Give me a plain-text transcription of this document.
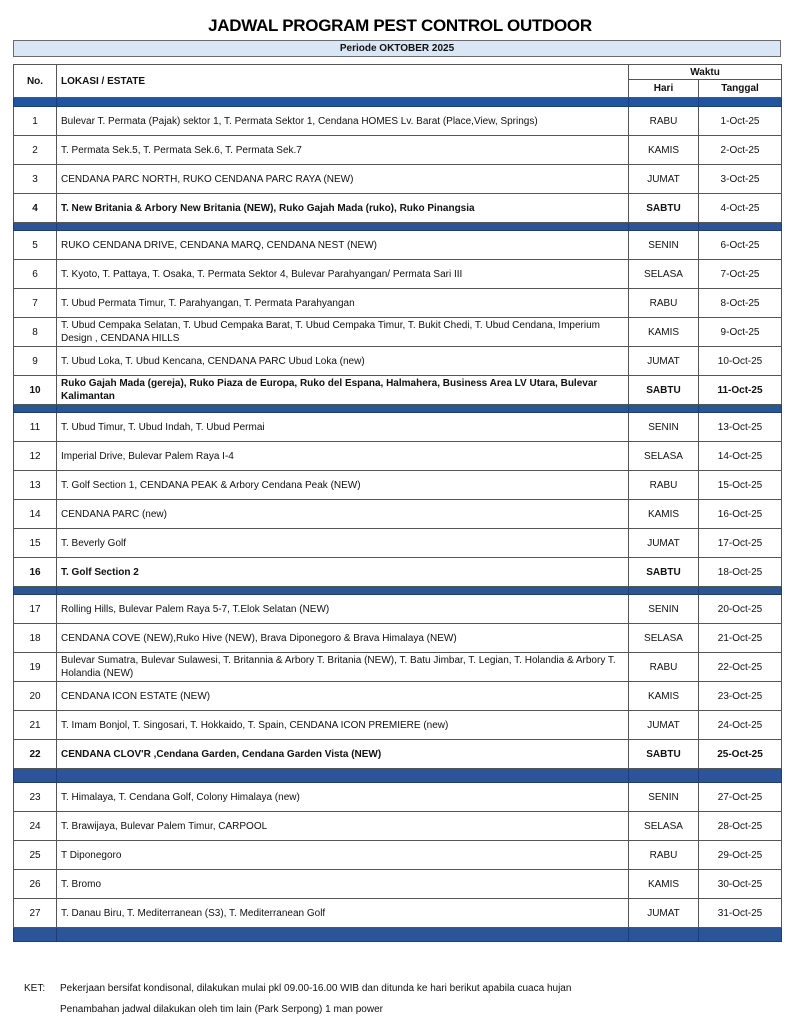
JADWAL PROGRAM PEST CONTROL OUTDOOR
Periode OKTOBER 2025
No.	LOKASI / ESTATE	Waktu	
		Hari	Tanggal

1	Bulevar T. Permata (Pajak) sektor 1, T. Permata Sektor 1, Cendana HOMES Lv. Barat (Place,View, Springs)	RABU	1-Oct-25
2	T. Permata Sek.5, T. Permata Sek.6, T. Permata Sek.7	KAMIS	2-Oct-25
3	CENDANA PARC NORTH, RUKO CENDANA PARC RAYA (NEW)	JUMAT	3-Oct-25
4	T. New Britania & Arbory New Britania (NEW), Ruko Gajah Mada (ruko), Ruko Pinangsia	SABTU	4-Oct-25

5	RUKO CENDANA DRIVE, CENDANA MARQ, CENDANA NEST (NEW)	SENIN	6-Oct-25
6	T. Kyoto, T. Pattaya, T. Osaka, T. Permata Sektor 4, Bulevar Parahyangan/ Permata Sari III	SELASA	7-Oct-25
7	T. Ubud Permata Timur, T. Parahyangan, T. Permata Parahyangan	RABU	8-Oct-25
8	T. Ubud Cempaka Selatan, T. Ubud Cempaka Barat, T. Ubud Cempaka Timur, T. Bukit Chedi, T. Ubud Cendana, Imperium Design , CENDANA HILLS	KAMIS	9-Oct-25
9	T. Ubud Loka, T. Ubud Kencana, CENDANA PARC Ubud Loka (new)	JUMAT	10-Oct-25
10	Ruko Gajah Mada (gereja), Ruko Piaza de Europa, Ruko del Espana, Halmahera, Business Area LV Utara, Bulevar Kalimantan	SABTU	11-Oct-25

11	T. Ubud Timur, T. Ubud Indah, T. Ubud Permai	SENIN	13-Oct-25
12	Imperial Drive, Bulevar Palem Raya I-4	SELASA	14-Oct-25
13	T. Golf Section 1, CENDANA PEAK & Arbory Cendana Peak (NEW)	RABU	15-Oct-25
14	CENDANA PARC (new)	KAMIS	16-Oct-25
15	T. Beverly Golf	JUMAT	17-Oct-25
16	T. Golf Section 2	SABTU	18-Oct-25

17	Rolling Hills, Bulevar Palem Raya 5-7, T.Elok Selatan (NEW)	SENIN	20-Oct-25
18	CENDANA COVE (NEW),Ruko Hive (NEW), Brava Diponegoro & Brava Himalaya (NEW)	SELASA	21-Oct-25
19	Bulevar Sumatra, Bulevar Sulawesi, T. Britannia & Arbory T. Britania (NEW), T. Batu Jimbar, T. Legian, T. Holandia & Arbory T. Holandia (NEW)	RABU	22-Oct-25
20	CENDANA ICON ESTATE (NEW)	KAMIS	23-Oct-25
21	T. Imam Bonjol, T. Singosari, T. Hokkaido, T. Spain, CENDANA ICON PREMIERE (new)	JUMAT	24-Oct-25
22	CENDANA CLOV'R ,Cendana Garden, Cendana Garden Vista (NEW)	SABTU	25-Oct-25

23	T. Himalaya, T. Cendana Golf, Colony Himalaya (new)	SENIN	27-Oct-25
24	T. Brawijaya, Bulevar Palem Timur, CARPOOL	SELASA	28-Oct-25
25	T Diponegoro	RABU	29-Oct-25
26	T. Bromo	KAMIS	30-Oct-25
27	T. Danau Biru, T. Mediterranean (S3), T. Mediterranean Golf	JUMAT	31-Oct-25

KET: Pekerjaan bersifat kondisonal, dilakukan mulai pkl 09.00-16.00 WIB dan ditunda ke hari berikut apabila cuaca hujan
Penambahan jadwal dilakukan oleh tim lain (Park Serpong) 1 man power
